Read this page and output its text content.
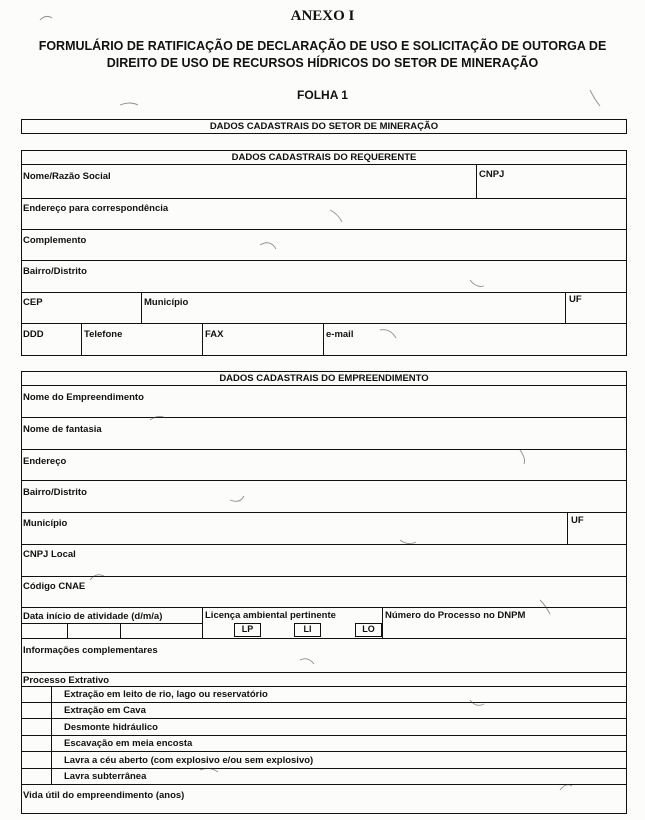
ANEXO I
FORMULÁRIO DE RATIFICAÇÃO DE DECLARAÇÃO DE USO E SOLICITAÇÃO DE OUTORGA DE
DIREITO DE USO DE RECURSOS HÍDRICOS DO SETOR DE MINERAÇÃO
FOLHA 1
DADOS CADASTRAIS DO SETOR DE MINERAÇÃO
DADOS CADASTRAIS DO REQUERENTE
Nome/Razão Social	CNPJ
Endereço para correspondência
Complemento
Bairro/Distrito
CEP	Município	UF
DDD	Telefone	FAX	e-mail
DADOS CADASTRAIS DO EMPREENDIMENTO
Nome do Empreendimento
Nome de fantasia
Endereço
Bairro/Distrito
Município	UF
CNPJ Local
Código CNAE
Data início de atividade (d/m/a)	Licença ambiental pertinente	Número do Processo no DNPM
LP	LI	LO
Informações complementares
Processo Extrativo
Extração em leito de rio, lago ou reservatório
Extração em Cava
Desmonte hidráulico
Escavação em meia encosta
Lavra a céu aberto (com explosivo e/ou sem explosivo)
Lavra subterrânea
Vida útil do empreendimento (anos)
